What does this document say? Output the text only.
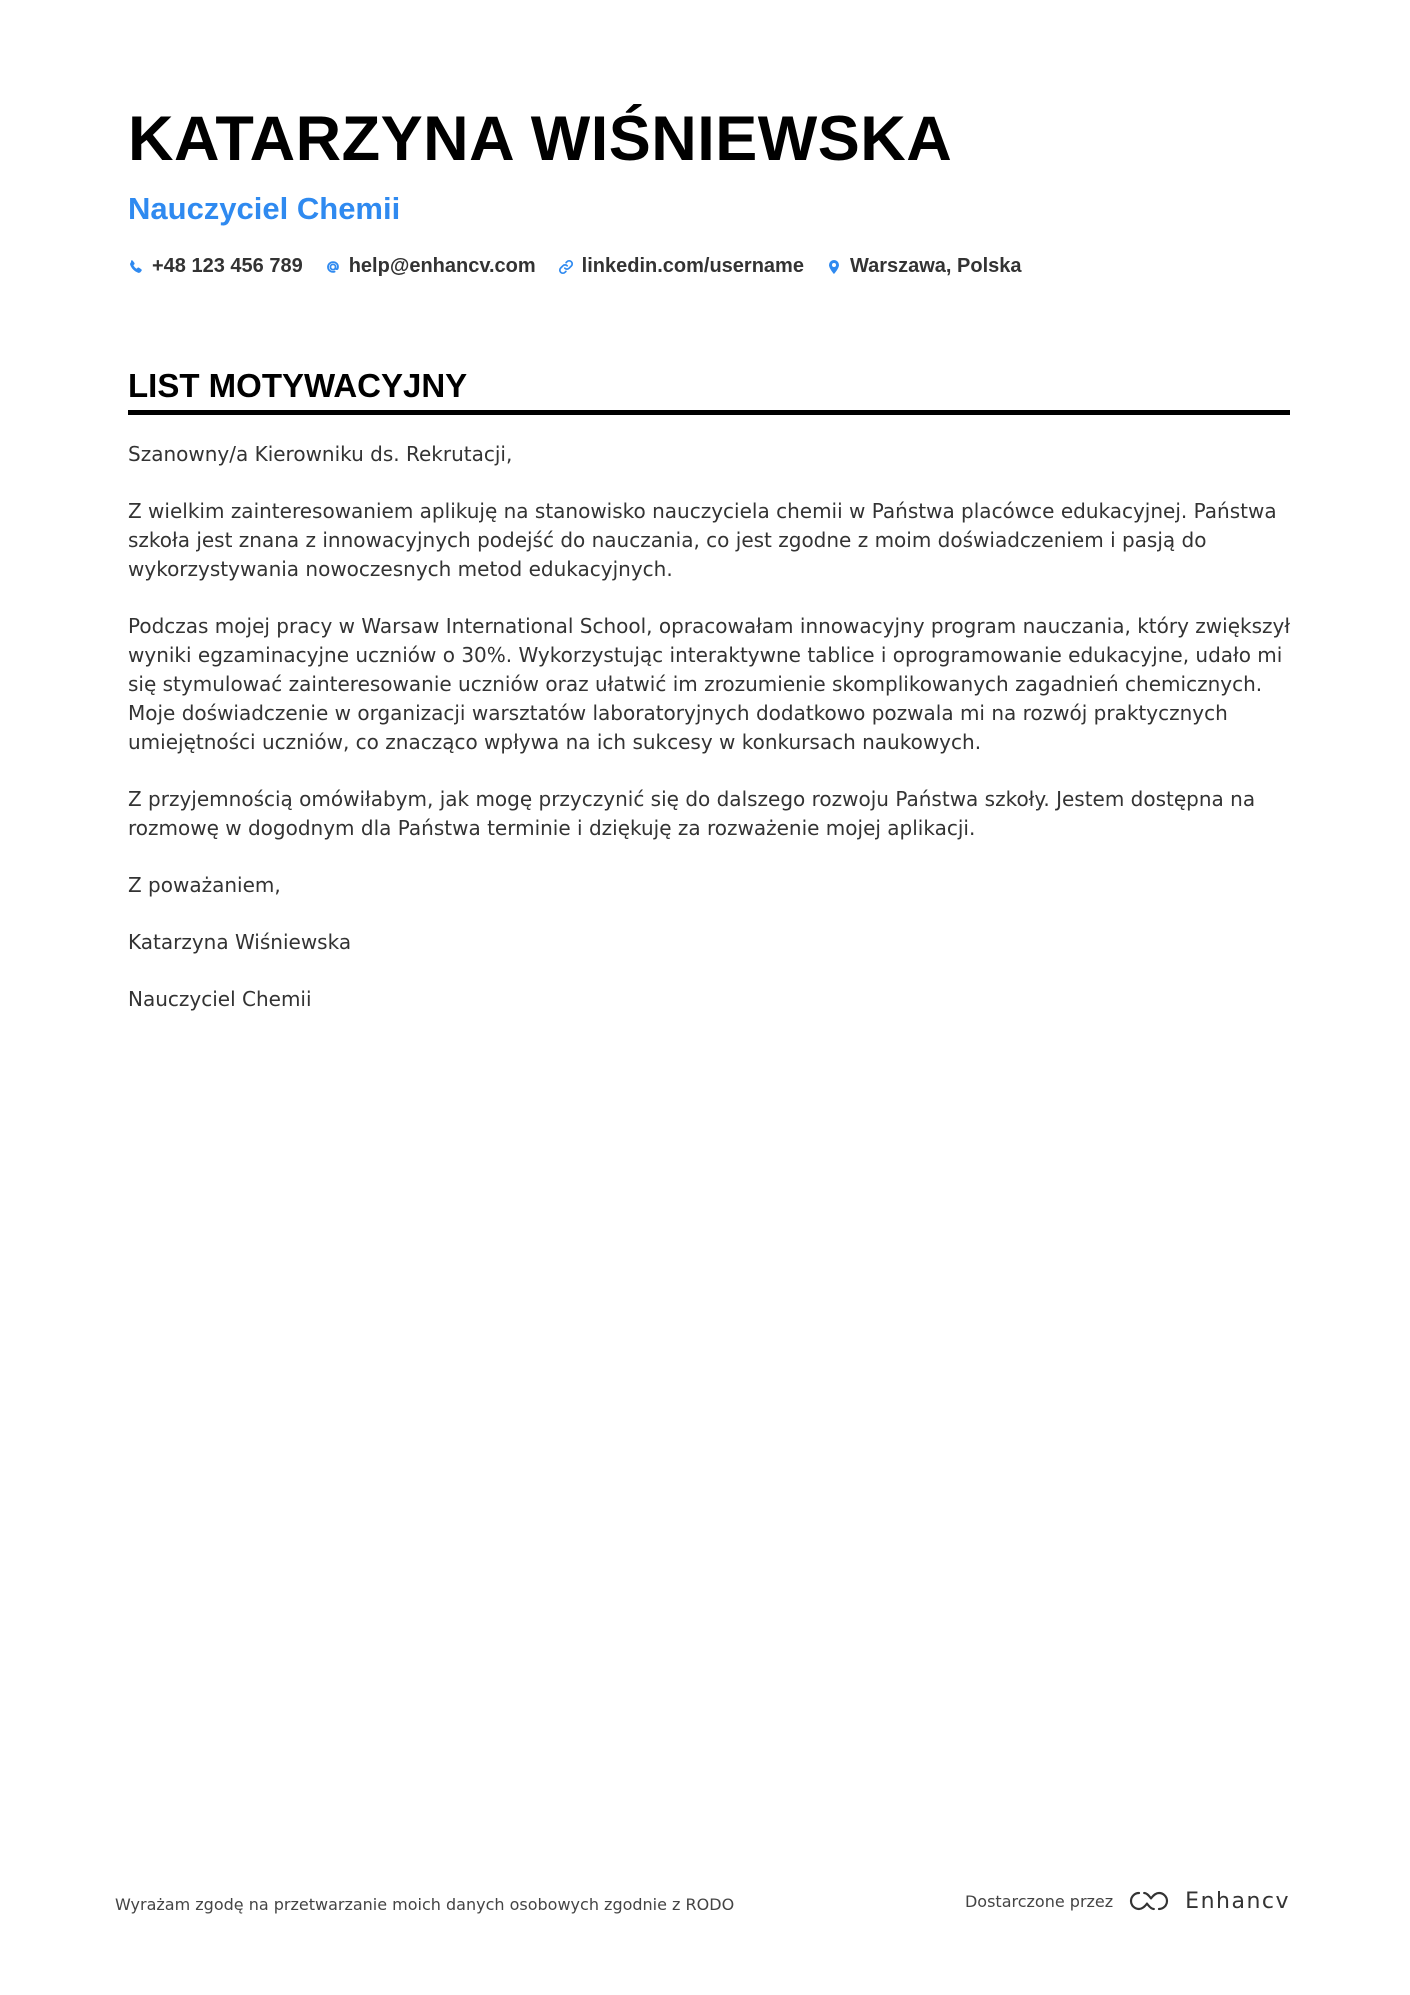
KATARZYNA WIŚNIEWSKA
Nauczyciel Chemii
+48 123 456 789 help@enhancv.com linkedin.com/username Warszawa, Polska
LIST MOTYWACYJNY

Szanowny/a Kierowniku ds. Rekrutacji,

Z wielkim zainteresowaniem aplikuję na stanowisko nauczyciela chemii w Państwa placówce edukacyjnej. Państwa szkoła jest znana z innowacyjnych podejść do nauczania, co jest zgodne z moim doświadczeniem i pasją do wykorzystywania nowoczesnych metod edukacyjnych.

Podczas mojej pracy w Warsaw International School, opracowałam innowacyjny program nauczania, który zwiększył wyniki egzaminacyjne uczniów o 30%. Wykorzystując interaktywne tablice i oprogramowanie edukacyjne, udało mi się stymulować zainteresowanie uczniów oraz ułatwić im zrozumienie skomplikowanych zagadnień chemicznych. Moje doświadczenie w organizacji warsztatów laboratoryjnych dodatkowo pozwala mi na rozwój praktycznych umiejętności uczniów, co znacząco wpływa na ich sukcesy w konkursach naukowych.

Z przyjemnością omówiłabym, jak mogę przyczynić się do dalszego rozwoju Państwa szkoły. Jestem dostępna na rozmowę w dogodnym dla Państwa terminie i dziękuję za rozważenie mojej aplikacji.

Z poważaniem,

Katarzyna Wiśniewska

Nauczyciel Chemii

Wyrażam zgodę na przetwarzanie moich danych osobowych zgodnie z RODO	Dostarczone przez	Enhancv
